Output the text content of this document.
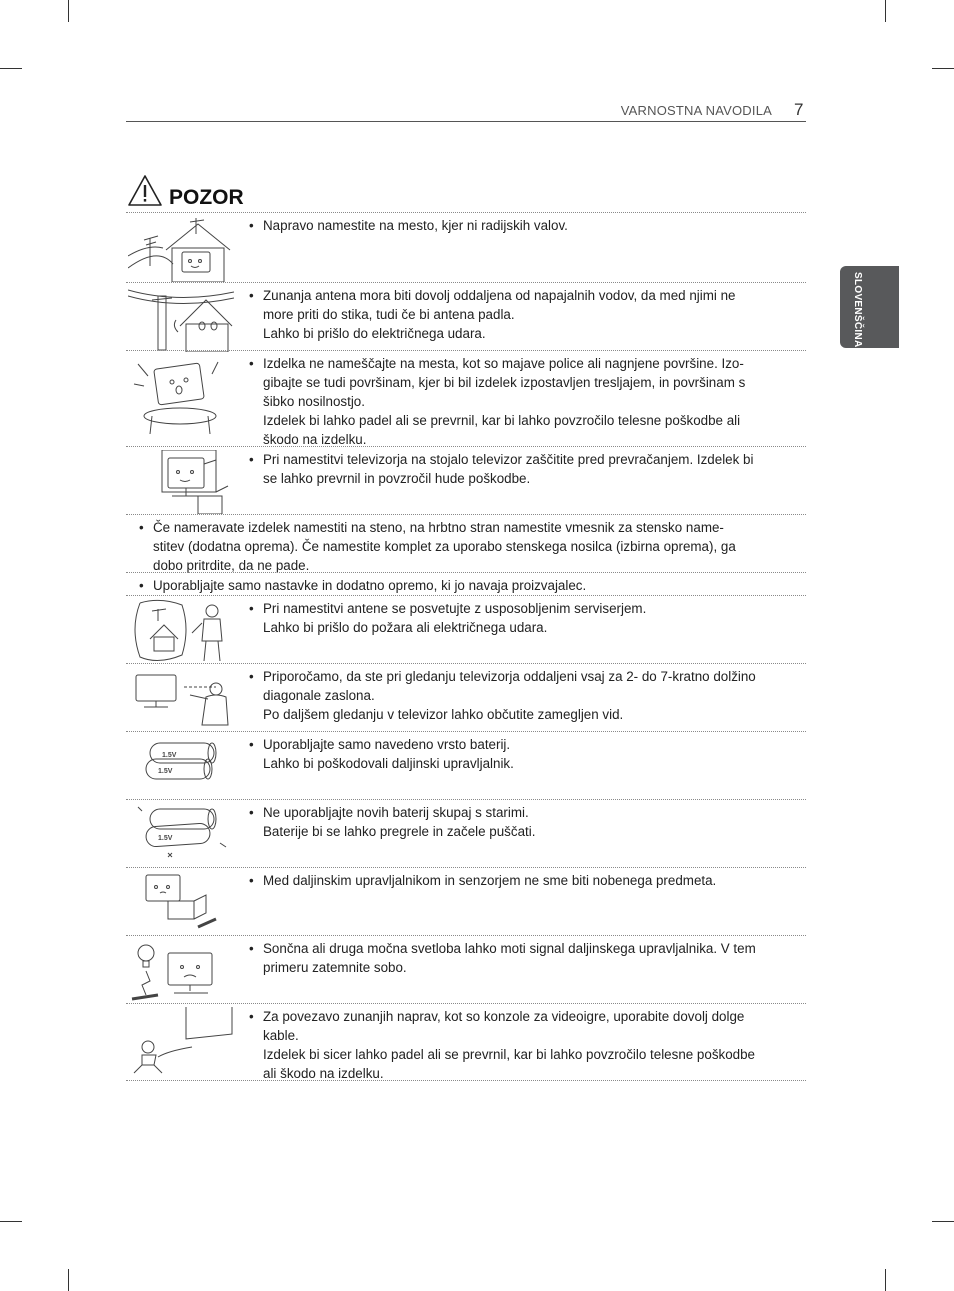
VARNOSTNA NAVODILA 7
SLOVENŠČINA
POZOR
• Napravo namestite na mesto, kjer ni radijskih valov.
• Zunanja antena mora biti dovolj oddaljena od napajalnih vodov, da med njimi ne
more priti do stika, tudi če bi antena padla.
Lahko bi prišlo do električnega udara.
• Izdelka ne nameščajte na mesta, kot so majave police ali nagnjene površine. Izo-
gibajte se tudi površinam, kjer bi bil izdelek izpostavljen tresljajem, in površinam s
šibko nosilnostjo.
Izdelek bi lahko padel ali se prevrnil, kar bi lahko povzročilo telesne poškodbe ali
škodo na izdelku.
• Pri namestitvi televizorja na stojalo televizor zaščitite pred prevračanjem. Izdelek bi
se lahko prevrnil in povzročil hude poškodbe.
• Če nameravate izdelek namestiti na steno, na hrbtno stran namestite vmesnik za stensko name-
stitev (dodatna oprema). Če namestite komplet za uporabo stenskega nosilca (izbirna oprema), ga
dobo pritrdite, da ne pade.
• Uporabljajte samo nastavke in dodatno opremo, ki jo navaja proizvajalec.
• Pri namestitvi antene se posvetujte z usposobljenim serviserjem.
Lahko bi prišlo do požara ali električnega udara.
• Priporočamo, da ste pri gledanju televizorja oddaljeni vsaj za 2- do 7-kratno dolžino
diagonale zaslona.
Po daljšem gledanju v televizor lahko občutite zamegljen vid.
1.5V
1.5V
• Uporabljajte samo navedeno vrsto baterij.
Lahko bi poškodovali daljinski upravljalnik.
1.5V
• Ne uporabljajte novih baterij skupaj s starimi.
Baterije bi se lahko pregrele in začele puščati.
• Med daljinskim upravljalnikom in senzorjem ne sme biti nobenega predmeta.
• Sončna ali druga močna svetloba lahko moti signal daljinskega upravljalnika. V tem
primeru zatemnite sobo.
• Za povezavo zunanjih naprav, kot so konzole za videoigre, uporabite dovolj dolge
kable.
Izdelek bi sicer lahko padel ali se prevrnil, kar bi lahko povzročilo telesne poškodbe
ali škodo na izdelku.
